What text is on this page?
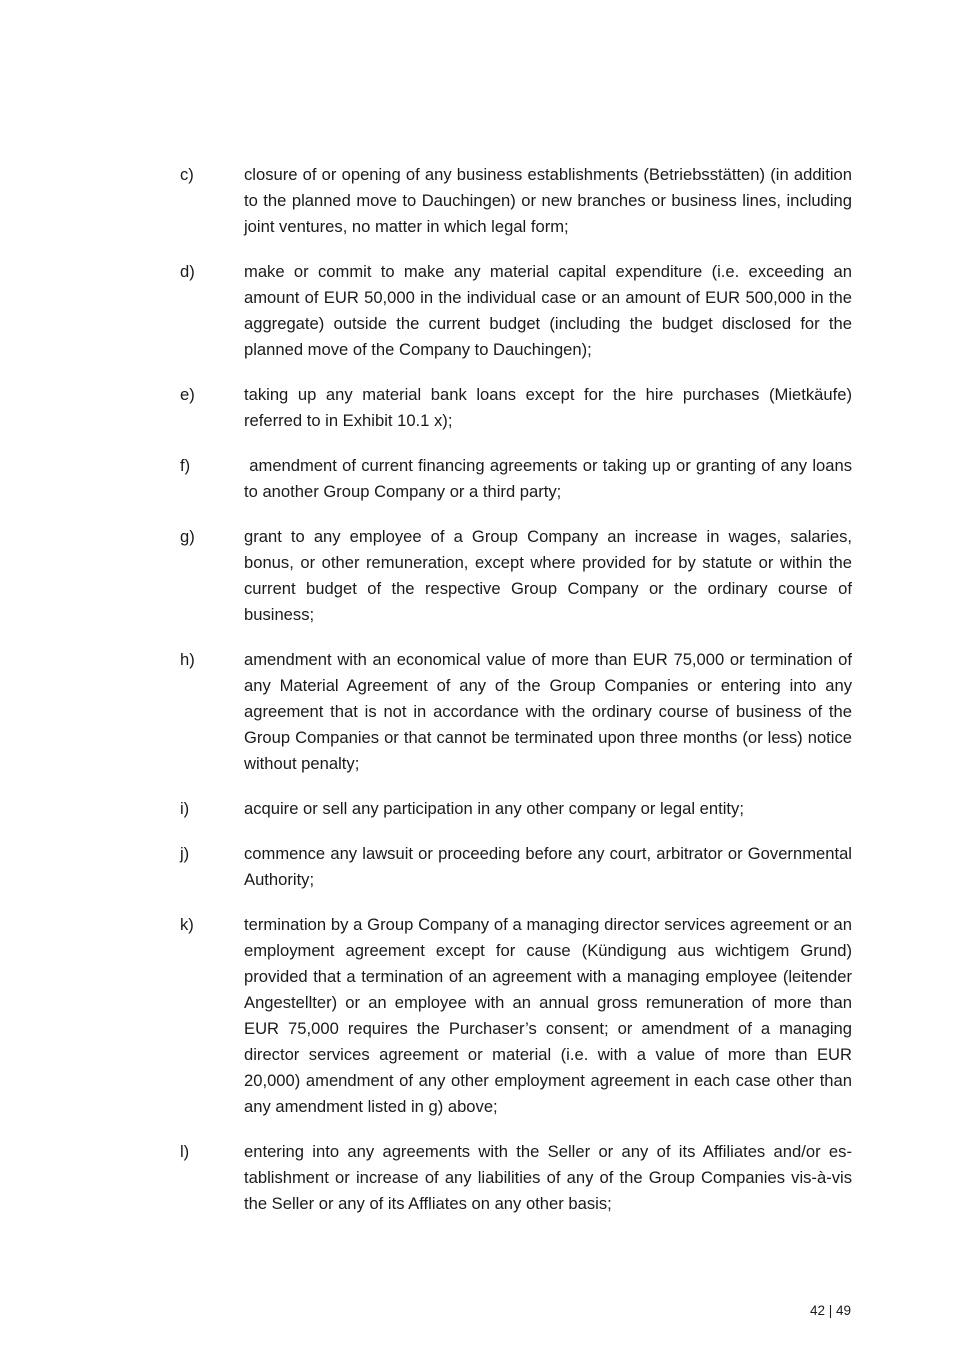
c)	closure of or opening of any business establishments (Betriebsstätten) (in addition to the planned move to Dauchingen) or new branches or business lines, including joint ventures, no matter in which legal form;
d)	make or commit to make any material capital expenditure (i.e. exceeding an amount of EUR 50,000 in the individual case or an amount of EUR 500,000 in the aggregate) outside the current budget (including the budget disclosed for the planned move of the Company to Dauchingen);
e)	taking up any material bank loans except for the hire purchases (Mietkäufe) referred to in Exhibit 10.1 x);
f)	amendment of current financing agreements or taking up or granting of any loans to another Group Company or a third party;
g)	grant to any employee of a Group Company an increase in wages, salaries, bonus, or other remuneration, except where provided for by statute or within the current budget of the respective Group Company or the ordinary course of business;
h)	amendment with an economical value of more than EUR 75,000 or termination of any Material Agreement of any of the Group Companies or entering into any agreement that is not in accordance with the ordinary course of business of the Group Companies or that cannot be terminated upon three months (or less) notice without penalty;
i)	acquire or sell any participation in any other company or legal entity;
j)	commence any lawsuit or proceeding before any court, arbitrator or Governmental Authority;
k)	termination by a Group Company of a managing director services agreement or an employment agreement except for cause (Kündigung aus wichtigem Grund) provided that a termination of an agreement with a managing employee (leitender Angestellter) or an employee with an annual gross remuneration of more than EUR 75,000 requires the Purchaser’s consent; or amendment of a managing director services agreement or material (i.e. with a value of more than EUR 20,000) amendment of any other employment agreement in each case other than any amendment listed in g) above;
l)	entering into any agreements with the Seller or any of its Affiliates and/or establishment or increase of any liabilities of any of the Group Companies vis-à-vis the Seller or any of its Affliates on any other basis;
42 | 49
